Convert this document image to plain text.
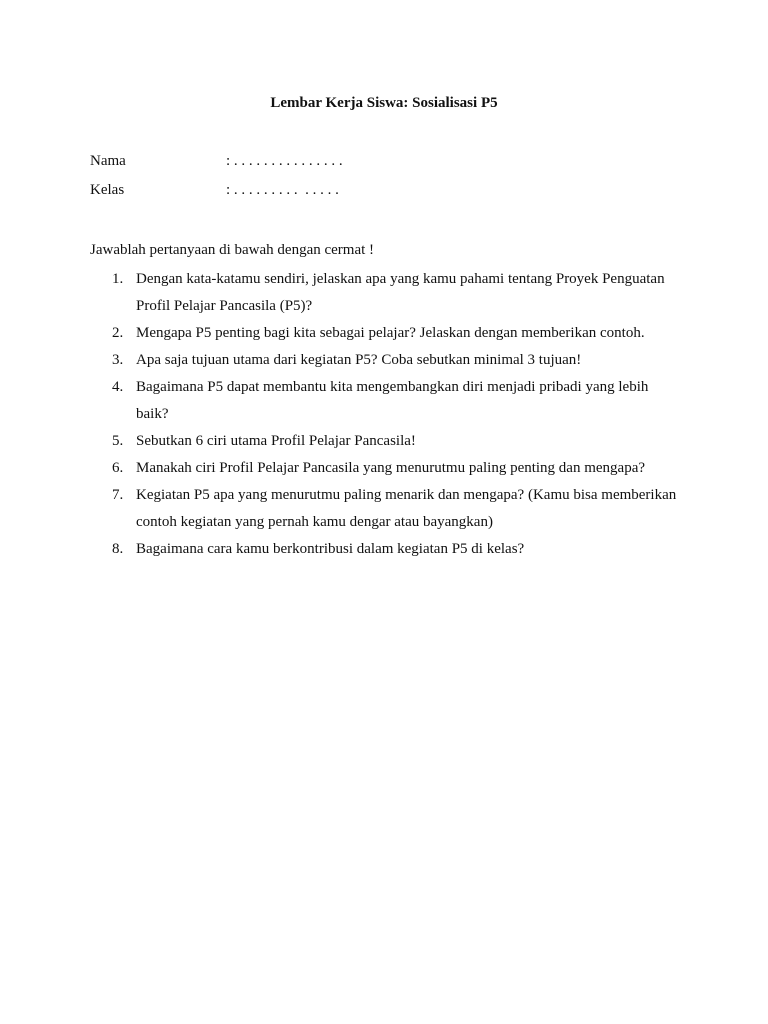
Lembar Kerja Siswa: Sosialisasi P5
Nama	: . . . . . . . . . . . . . . .
Kelas	: . . . . . . . . .  . . . . .
Jawablah pertanyaan di bawah dengan cermat !
1. Dengan kata-katamu sendiri, jelaskan apa yang kamu pahami tentang Proyek Penguatan Profil Pelajar Pancasila (P5)?
2. Mengapa P5 penting bagi kita sebagai pelajar? Jelaskan dengan memberikan contoh.
3. Apa saja tujuan utama dari kegiatan P5? Coba sebutkan minimal 3 tujuan!
4. Bagaimana P5 dapat membantu kita mengembangkan diri menjadi pribadi yang lebih baik?
5. Sebutkan 6 ciri utama Profil Pelajar Pancasila!
6. Manakah ciri Profil Pelajar Pancasila yang menurutmu paling penting dan mengapa?
7. Kegiatan P5 apa yang menurutmu paling menarik dan mengapa? (Kamu bisa memberikan contoh kegiatan yang pernah kamu dengar atau bayangkan)
8. Bagaimana cara kamu berkontribusi dalam kegiatan P5 di kelas?
